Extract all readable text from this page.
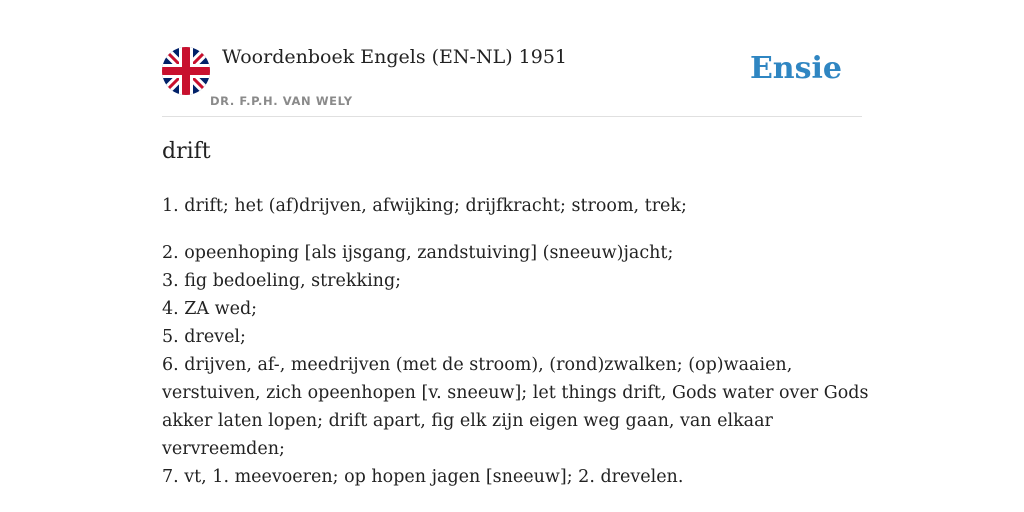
Woordenboek Engels (EN-NL) 1951
DR. F.P.H. VAN WELY
Ensie
drift

1. drift; het (af)drijven, afwijking; drijfkracht; stroom, trek;

2. opeenhoping [als ijsgang, zandstuiving] (sneeuw)jacht;

3. fig bedoeling, strekking;

4. ZA wed;

5. drevel;

6. drijven, af-, meedrijven (met de stroom), (rond)zwalken; (op)waaien, verstuiven, zich opeenhopen [v. sneeuw]; let things drift, Gods water over Gods akker laten lopen; drift apart, fig elk zijn eigen weg gaan, van elkaar vervreemden;

7. vt, 1. meevoeren; op hopen jagen [sneeuw]; 2. drevelen.
